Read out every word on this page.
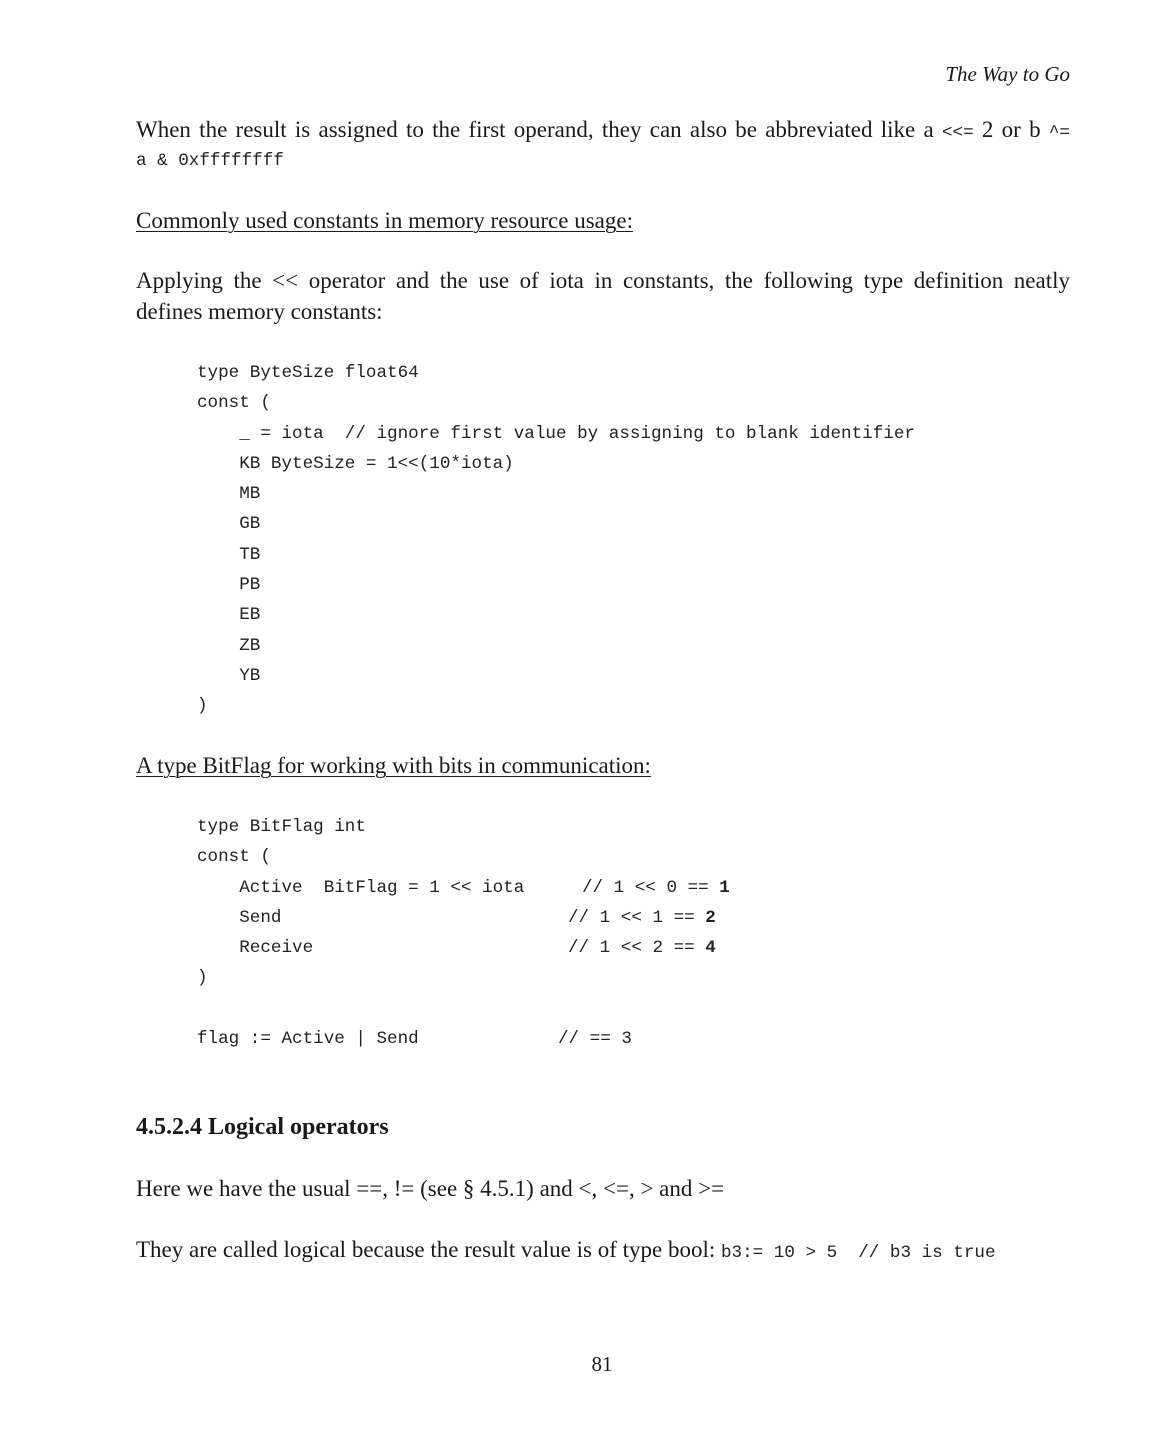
The Way to Go
When the result is assigned to the first operand, they can also be abbreviated like a <<= 2 or b ^=
a & 0xffffffff
Commonly used constants in memory resource usage:
Applying the << operator and the use of iota in constants, the following type definition neatly
defines memory constants:
type ByteSize float64
const (
_ = iota  // ignore first value by assigning to blank identifier
KB ByteSize = 1<<(10*iota)
MB
GB
TB
PB
EB
ZB
YB
)
A type BitFlag for working with bits in communication:
type BitFlag int
const (
Active  BitFlag = 1 << iota	// 1 << 0 == 1
Send	// 1 << 1 == 2
Receive	// 1 << 2 == 4
)
flag := Active | Send	// == 3
4.5.2.4 Logical operators
Here we have the usual ==, != (see § 4.5.1) and <, <=, > and >=
They are called logical because the result value is of type bool: b3:= 10 > 5  // b3 is true
81
